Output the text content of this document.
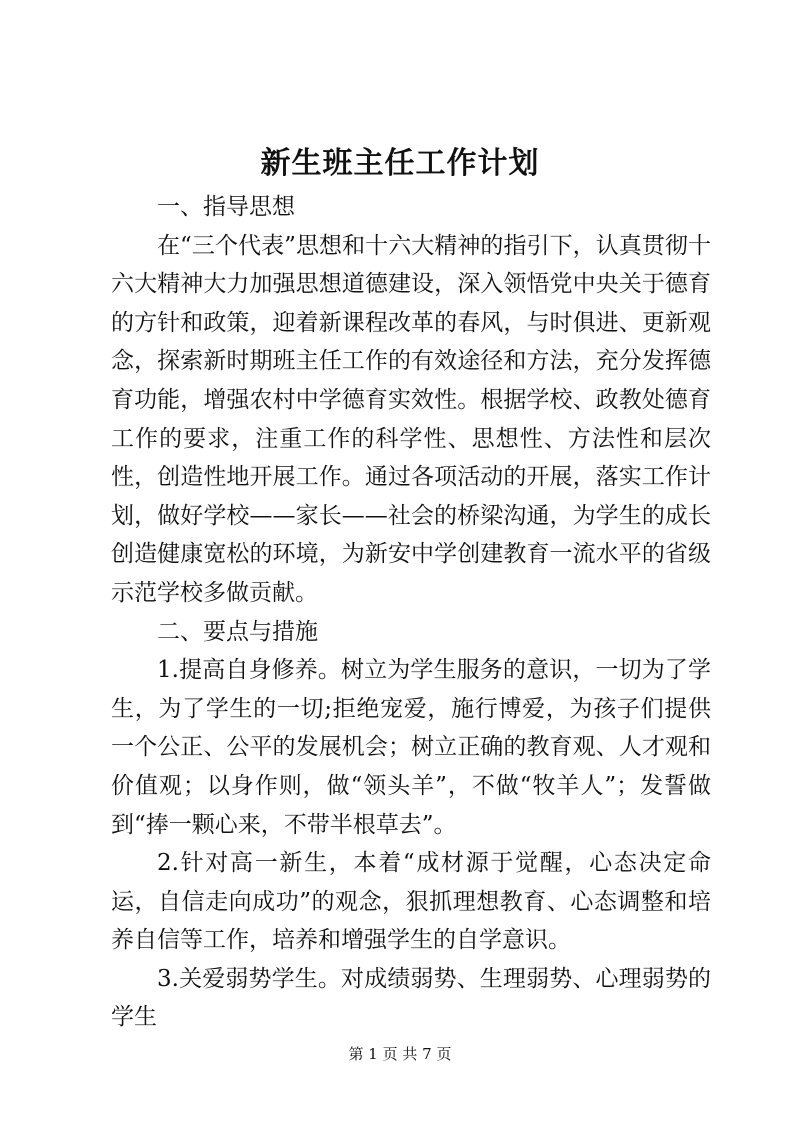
新生班主任工作计划

一、指导思想

在“三个代表”思想和十六大精神的指引下，认真贯彻十六大精神大力加强思想道德建设，深入领悟党中央关于德育的方针和政策，迎着新课程改革的春风，与时俱进、更新观念，探索新时期班主任工作的有效途径和方法，充分发挥德育功能，增强农村中学德育实效性。根据学校、政教处德育工作的要求，注重工作的科学性、思想性、方法性和层次性，创造性地开展工作。通过各项活动的开展，落实工作计划，做好学校——家长——社会的桥梁沟通，为学生的成长创造健康宽松的环境，为新安中学创建教育一流水平的省级示范学校多做贡献。

二、要点与措施

1.提高自身修养。树立为学生服务的意识，一切为了学生，为了学生的一切;拒绝宠爱，施行博爱，为孩子们提供一个公正、公平的发展机会；树立正确的教育观、人才观和价值观；以身作则，做“领头羊”，不做“牧羊人”；发誓做到“捧一颗心来，不带半根草去”。

2.针对高一新生，本着“成材源于觉醒，心态决定命运，自信走向成功”的观念，狠抓理想教育、心态调整和培养自信等工作，培养和增强学生的自学意识。

3.关爱弱势学生。对成绩弱势、生理弱势、心理弱势的学生

第 1 页 共 7 页
